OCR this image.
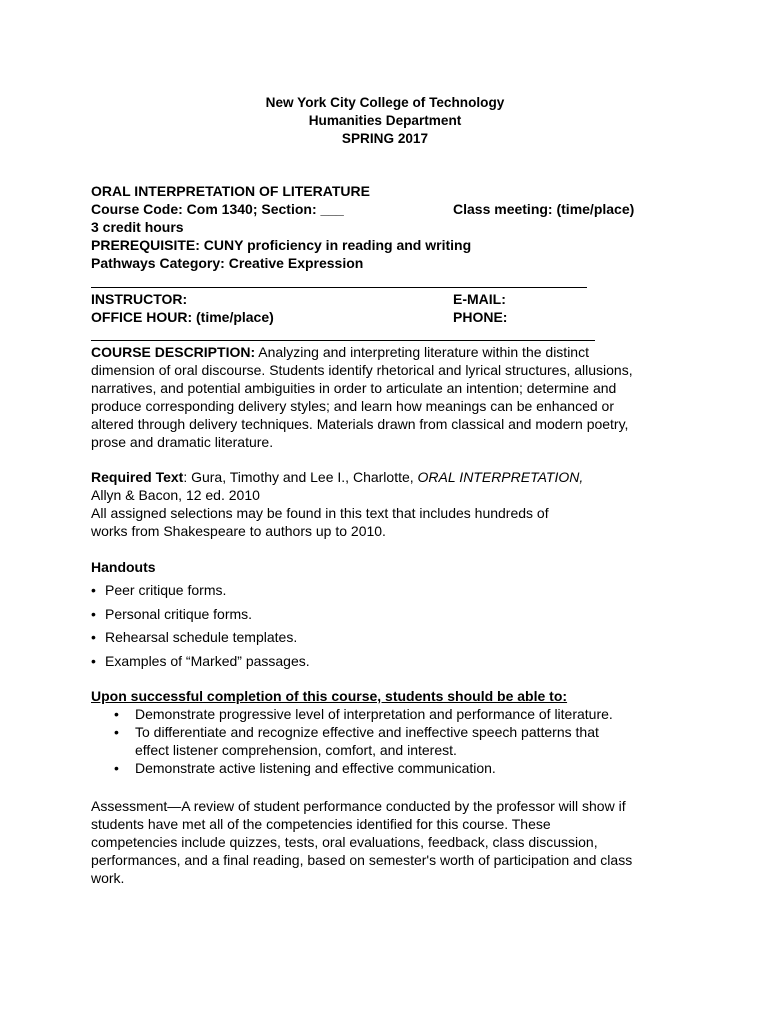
New York City College of Technology
Humanities Department
SPRING 2017
ORAL INTERPRETATION OF LITERATURE
Course Code: Com 1340; Section: ___	Class meeting: (time/place)
3 credit hours
PREREQUISITE: CUNY proficiency in reading and writing
Pathways Category: Creative Expression
INSTRUCTOR:	E-MAIL:
OFFICE HOUR: (time/place)	PHONE:
COURSE DESCRIPTION: Analyzing and interpreting literature within the distinct
dimension of oral discourse. Students identify rhetorical and lyrical structures, allusions,
narratives, and potential ambiguities in order to articulate an intention; determine and
produce corresponding delivery styles; and learn how meanings can be enhanced or
altered through delivery techniques. Materials drawn from classical and modern poetry,
prose and dramatic literature.
Required Text: Gura, Timothy and Lee I., Charlotte, ORAL INTERPRETATION,
Allyn & Bacon, 12 ed. 2010
All assigned selections may be found in this text that includes hundreds of
works from Shakespeare to authors up to 2010.
Handouts
• Peer critique forms.
• Personal critique forms.
• Rehearsal schedule templates.
• Examples of “Marked” passages.
Upon successful completion of this course, students should be able to:
• Demonstrate progressive level of interpretation and performance of literature.
• To differentiate and recognize effective and ineffective speech patterns that
effect listener comprehension, comfort, and interest.
• Demonstrate active listening and effective communication.
Assessment—A review of student performance conducted by the professor will show if
students have met all of the competencies identified for this course. These
competencies include quizzes, tests, oral evaluations, feedback, class discussion,
performances, and a final reading, based on semester's worth of participation and class
work.
